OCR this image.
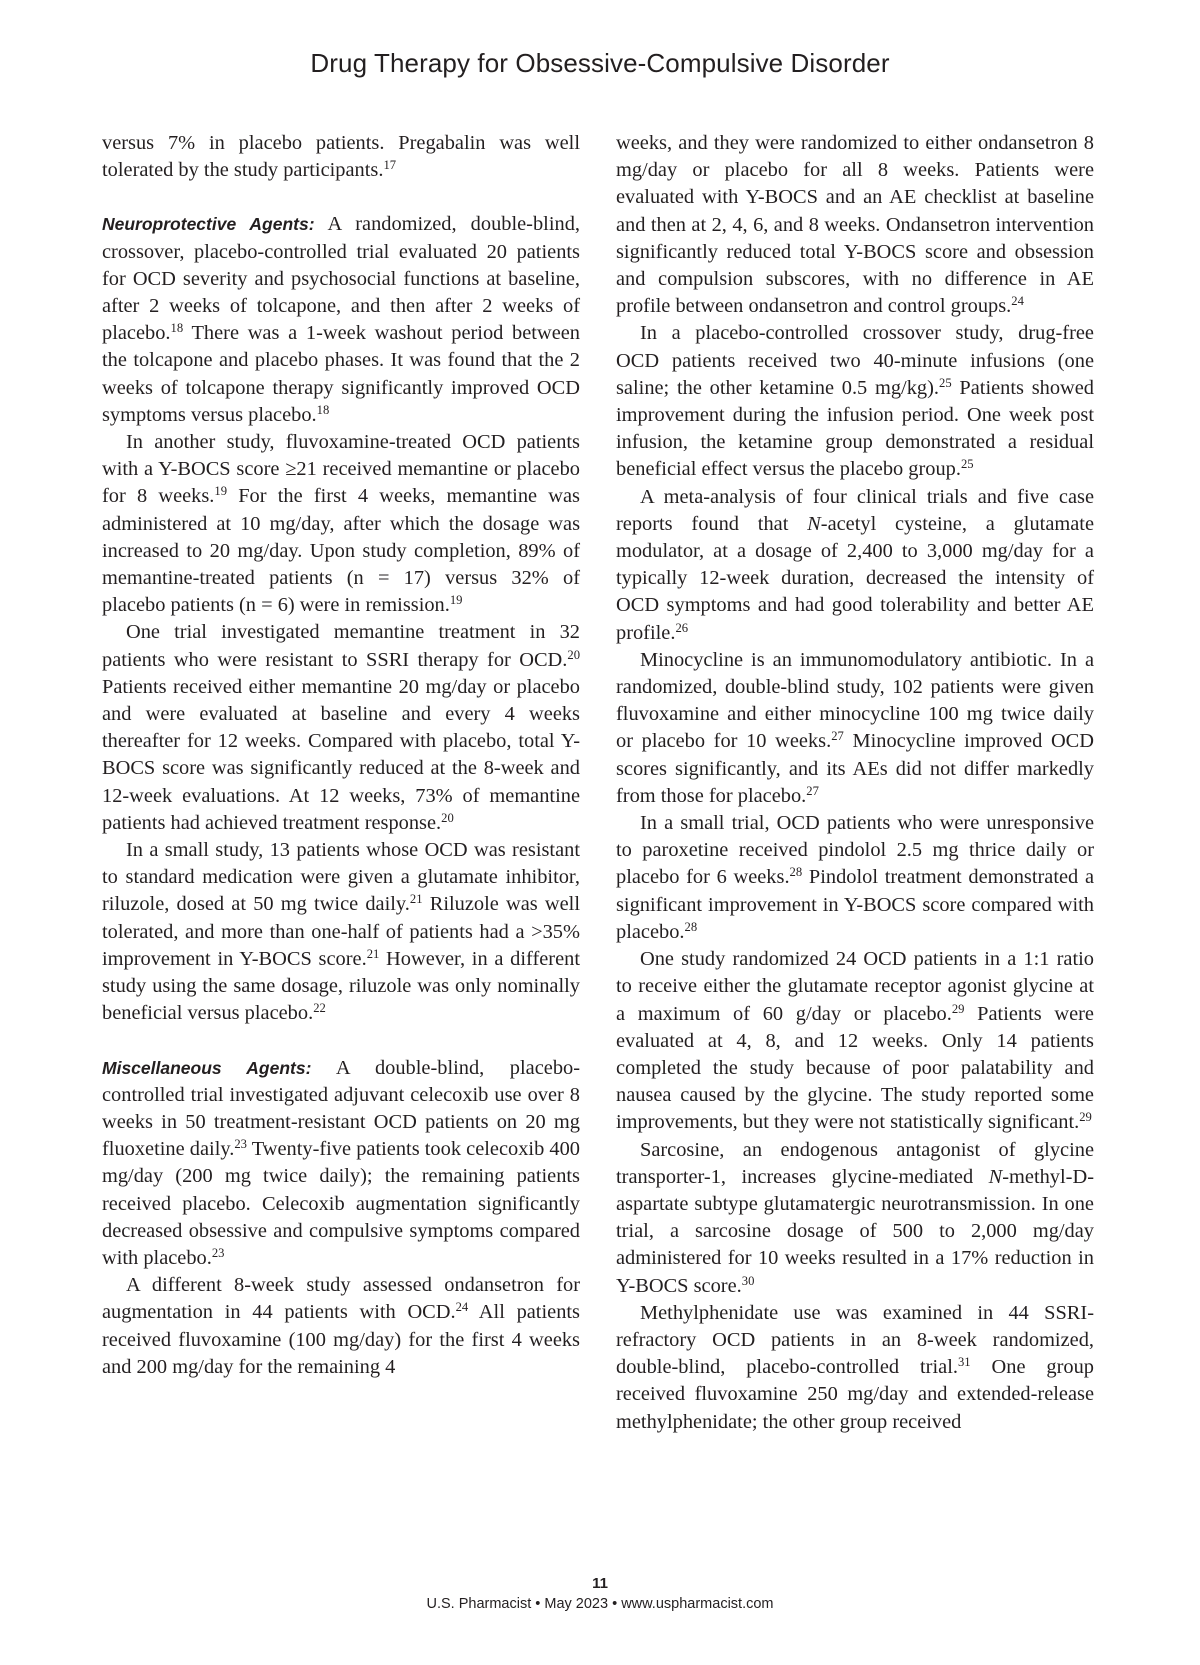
Drug Therapy for Obsessive-Compulsive Disorder

versus 7% in placebo patients. Pregabalin was well tolerated by the study participants.$^{17}$

Neuroprotective Agents: A randomized, double-blind, crossover, placebo-controlled trial evaluated 20 patients for OCD severity and psychosocial functions at baseline, after 2 weeks of tolcapone, and then after 2 weeks of placebo.$^{18}$ There was a 1-week washout period between the tolcapone and placebo phases. It was found that the 2 weeks of tolcapone therapy significantly improved OCD symptoms versus placebo.$^{18}$

In another study, fluvoxamine-treated OCD patients with a Y-BOCS score ≥21 received memantine or placebo for 8 weeks.$^{19}$ For the first 4 weeks, memantine was administered at 10 mg/day, after which the dosage was increased to 20 mg/day. Upon study completion, 89% of memantine-treated patients (n = 17) versus 32% of placebo patients (n = 6) were in remission.$^{19}$

One trial investigated memantine treatment in 32 patients who were resistant to SSRI therapy for OCD.$^{20}$ Patients received either memantine 20 mg/day or placebo and were evaluated at baseline and every 4 weeks thereafter for 12 weeks. Compared with placebo, total Y-BOCS score was significantly reduced at the 8-week and 12-week evaluations. At 12 weeks, 73% of memantine patients had achieved treatment response.$^{20}$

In a small study, 13 patients whose OCD was resistant to standard medication were given a glutamate inhibitor, riluzole, dosed at 50 mg twice daily.$^{21}$ Riluzole was well tolerated, and more than one-half of patients had a >35% improvement in Y-BOCS score.$^{21}$ However, in a different study using the same dosage, riluzole was only nominally beneficial versus placebo.$^{22}$

Miscellaneous Agents: A double-blind, placebo-controlled trial investigated adjuvant celecoxib use over 8 weeks in 50 treatment-resistant OCD patients on 20 mg fluoxetine daily.$^{23}$ Twenty-five patients took celecoxib 400 mg/day (200 mg twice daily); the remaining patients received placebo. Celecoxib augmentation significantly decreased obsessive and compulsive symptoms compared with placebo.$^{23}$

A different 8-week study assessed ondansetron for augmentation in 44 patients with OCD.$^{24}$ All patients received fluvoxamine (100 mg/day) for the first 4 weeks and 200 mg/day for the remaining 4

weeks, and they were randomized to either ondansetron 8 mg/day or placebo for all 8 weeks. Patients were evaluated with Y-BOCS and an AE checklist at baseline and then at 2, 4, 6, and 8 weeks. Ondansetron intervention significantly reduced total Y-BOCS score and obsession and compulsion subscores, with no difference in AE profile between ondansetron and control groups.$^{24}$

In a placebo-controlled crossover study, drug-free OCD patients received two 40-minute infusions (one saline; the other ketamine 0.5 mg/kg).$^{25}$ Patients showed improvement during the infusion period. One week post infusion, the ketamine group demonstrated a residual beneficial effect versus the placebo group.$^{25}$

A meta-analysis of four clinical trials and five case reports found that N-acetyl cysteine, a glutamate modulator, at a dosage of 2,400 to 3,000 mg/day for a typically 12-week duration, decreased the intensity of OCD symptoms and had good tolerability and better AE profile.$^{26}$

Minocycline is an immunomodulatory antibiotic. In a randomized, double-blind study, 102 patients were given fluvoxamine and either minocycline 100 mg twice daily or placebo for 10 weeks.$^{27}$ Minocycline improved OCD scores significantly, and its AEs did not differ markedly from those for placebo.$^{27}$

In a small trial, OCD patients who were unresponsive to paroxetine received pindolol 2.5 mg thrice daily or placebo for 6 weeks.$^{28}$ Pindolol treatment demonstrated a significant improvement in Y-BOCS score compared with placebo.$^{28}$

One study randomized 24 OCD patients in a 1:1 ratio to receive either the glutamate receptor agonist glycine at a maximum of 60 g/day or placebo.$^{29}$ Patients were evaluated at 4, 8, and 12 weeks. Only 14 patients completed the study because of poor palatability and nausea caused by the glycine. The study reported some improvements, but they were not statistically significant.$^{29}$

Sarcosine, an endogenous antagonist of glycine transporter-1, increases glycine-mediated N-methyl-D-aspartate subtype glutamatergic neurotransmission. In one trial, a sarcosine dosage of 500 to 2,000 mg/day administered for 10 weeks resulted in a 17% reduction in Y-BOCS score.$^{30}$

Methylphenidate use was examined in 44 SSRI-refractory OCD patients in an 8-week randomized, double-blind, placebo-controlled trial.$^{31}$ One group received fluvoxamine 250 mg/day and extended-release methylphenidate; the other group received

11
U.S. Pharmacist • May 2023 • www.uspharmacist.com
